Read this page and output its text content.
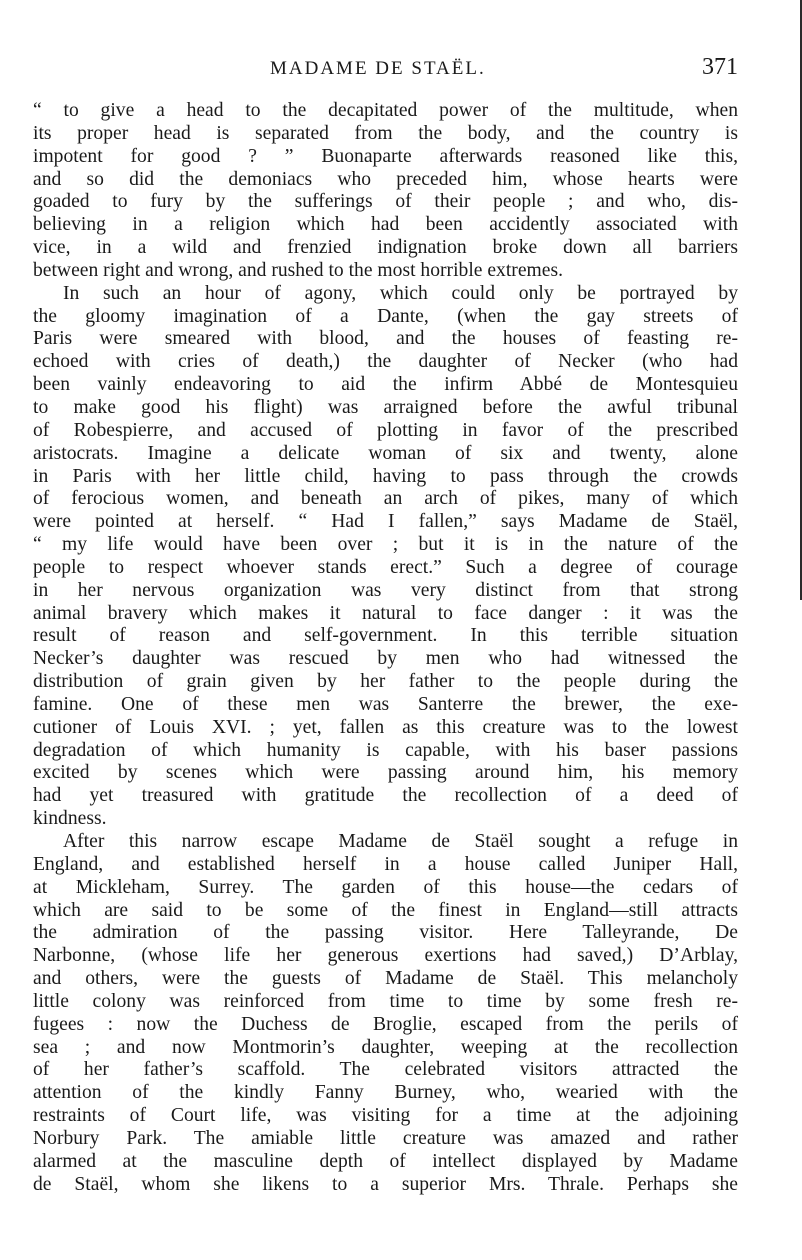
MADAME DE STAËL.	371
“ to give a head to the decapitated power of the multitude, when
its proper head is separated from the body, and the country is
impotent for good ? ” Buonaparte afterwards reasoned like this,
and so did the demoniacs who preceded him, whose hearts were
goaded to fury by the sufferings of their people ; and who, dis-
believing in a religion which had been accidently associated with
vice, in a wild and frenzied indignation broke down all barriers
between right and wrong, and rushed to the most horrible extremes.
In such an hour of agony, which could only be portrayed by
the gloomy imagination of a Dante, (when the gay streets of
Paris were smeared with blood, and the houses of feasting re-
echoed with cries of death,) the daughter of Necker (who had
been vainly endeavoring to aid the infirm Abbé de Montesquieu
to make good his flight) was arraigned before the awful tribunal
of Robespierre, and accused of plotting in favor of the prescribed
aristocrats. Imagine a delicate woman of six and twenty, alone
in Paris with her little child, having to pass through the crowds
of ferocious women, and beneath an arch of pikes, many of which
were pointed at herself. “ Had I fallen,” says Madame de Staël,
“ my life would have been over ; but it is in the nature of the
people to respect whoever stands erect.” Such a degree of courage
in her nervous organization was very distinct from that strong
animal bravery which makes it natural to face danger : it was the
result of reason and self-government. In this terrible situation
Necker’s daughter was rescued by men who had witnessed the
distribution of grain given by her father to the people during the
famine. One of these men was Santerre the brewer, the exe-
cutioner of Louis XVI. ; yet, fallen as this creature was to the lowest
degradation of which humanity is capable, with his baser passions
excited by scenes which were passing around him, his memory
had yet treasured with gratitude the recollection of a deed of
kindness.
After this narrow escape Madame de Staël sought a refuge in
England, and established herself in a house called Juniper Hall,
at Mickleham, Surrey. The garden of this house—the cedars of
which are said to be some of the finest in England—still attracts
the admiration of the passing visitor. Here Talleyrande, De
Narbonne, (whose life her generous exertions had saved,) D’Arblay,
and others, were the guests of Madame de Staël. This melancholy
little colony was reinforced from time to time by some fresh re-
fugees : now the Duchess de Broglie, escaped from the perils of
sea ; and now Montmorin’s daughter, weeping at the recollection
of her father’s scaffold. The celebrated visitors attracted the
attention of the kindly Fanny Burney, who, wearied with the
restraints of Court life, was visiting for a time at the adjoining
Norbury Park. The amiable little creature was amazed and rather
alarmed at the masculine depth of intellect displayed by Madame
de Staël, whom she likens to a superior Mrs. Thrale. Perhaps she
